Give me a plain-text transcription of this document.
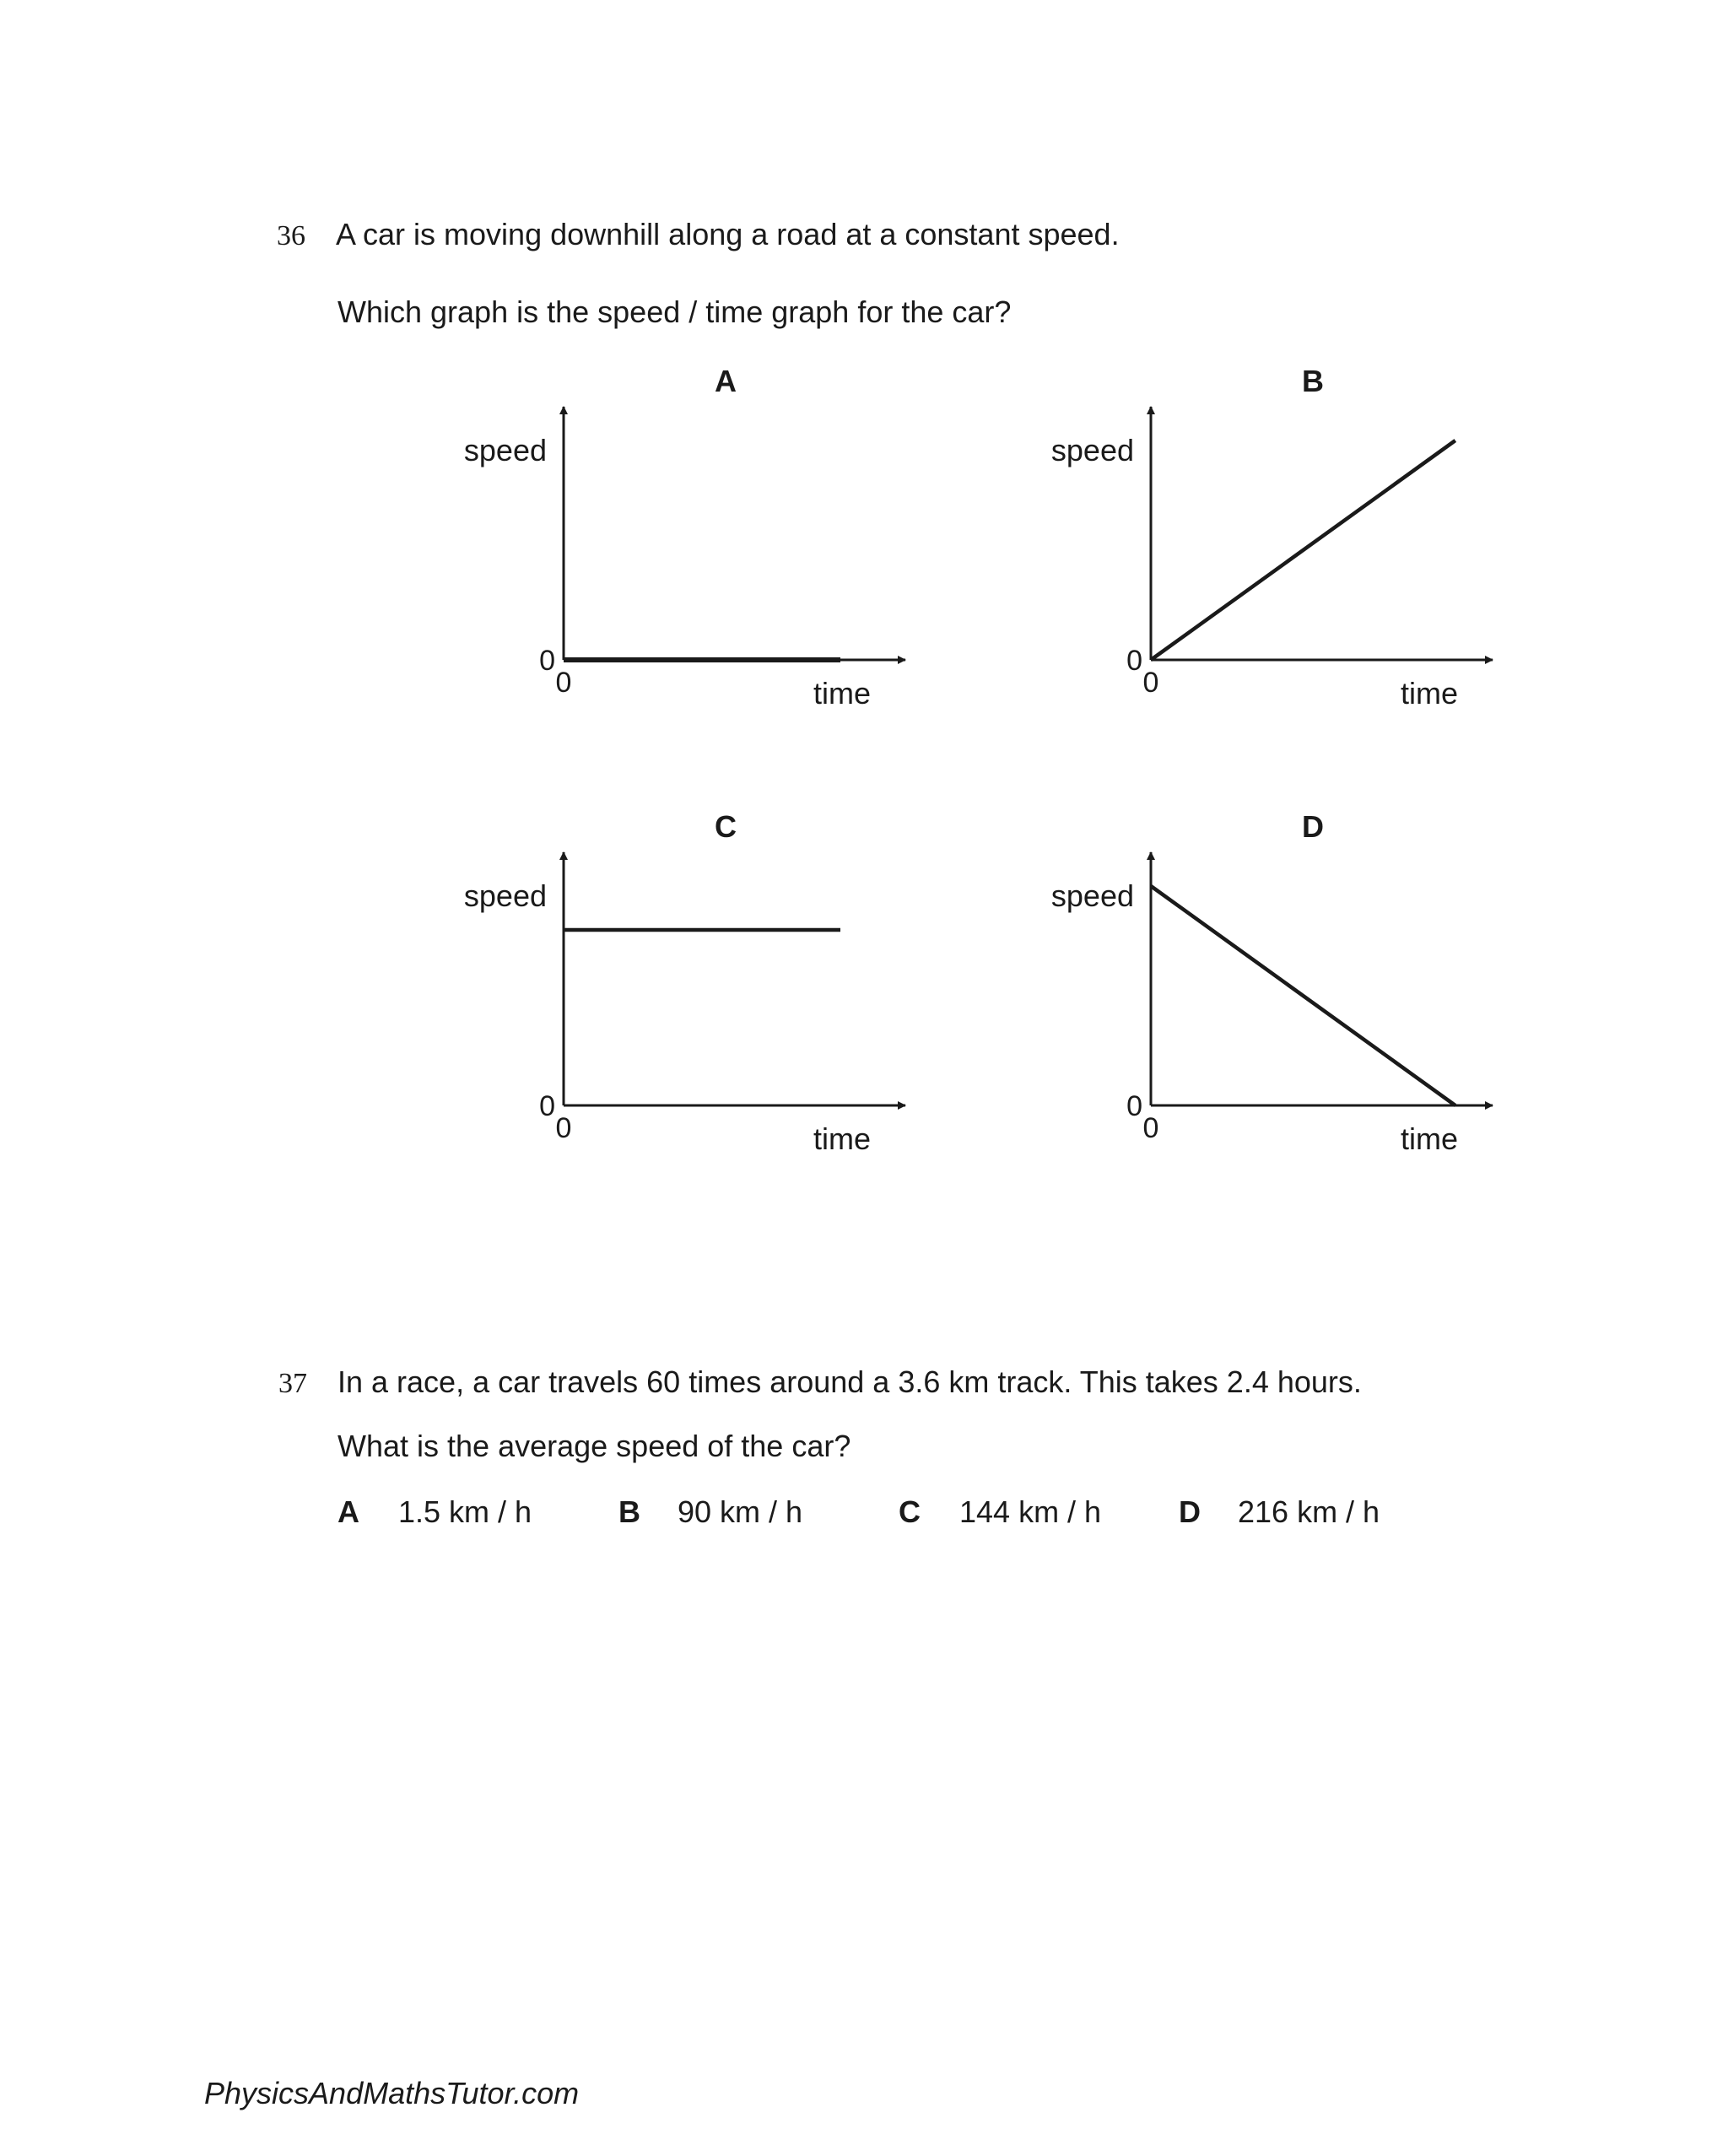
36 A car is moving downhill along a road at a constant speed.
Which graph is the speed / time graph for the car?
A
speed
time
0
0
B
speed
time
0
0
C
speed
time
0
0
D
speed
time
0
0
37 In a race, a car travels 60 times around a 3.6 km track. This takes 2.4 hours.
What is the average speed of the car?
A 1.5 km / h	B 90 km / h	C 144 km / h	D 216 km / h
PhysicsAndMathsTutor.com
